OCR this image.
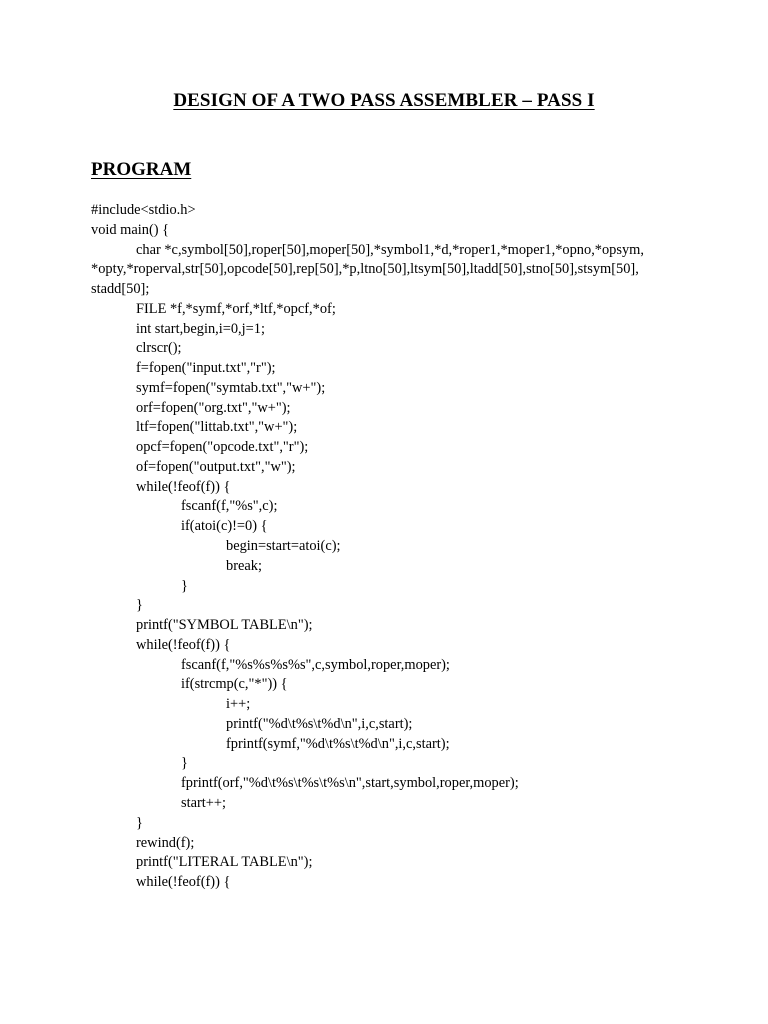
DESIGN OF A TWO PASS ASSEMBLER – PASS I
PROGRAM
#include<stdio.h>
void main() {
char *c,symbol[50],roper[50],moper[50],*symbol1,*d,*roper1,*moper1,*opno,*opsym,
*opty,*roperval,str[50],opcode[50],rep[50],*p,ltno[50],ltsym[50],ltadd[50],stno[50],stsym[50],
stadd[50];
FILE *f,*symf,*orf,*ltf,*opcf,*of;
int start,begin,i=0,j=1;
clrscr();
f=fopen("input.txt","r");
symf=fopen("symtab.txt","w+");
orf=fopen("org.txt","w+");
ltf=fopen("littab.txt","w+");
opcf=fopen("opcode.txt","r");
of=fopen("output.txt","w");
while(!feof(f)) {
fscanf(f,"%s",c);
if(atoi(c)!=0) {
begin=start=atoi(c);
break;
}
}
printf("SYMBOL TABLE\n");
while(!feof(f)) {
fscanf(f,"%s%s%s%s",c,symbol,roper,moper);
if(strcmp(c,"*")) {
i++;
printf("%d\t%s\t%d\n",i,c,start);
fprintf(symf,"%d\t%s\t%d\n",i,c,start);
}
fprintf(orf,"%d\t%s\t%s\t%s\n",start,symbol,roper,moper);
start++;
}
rewind(f);
printf("LITERAL TABLE\n");
while(!feof(f)) {
